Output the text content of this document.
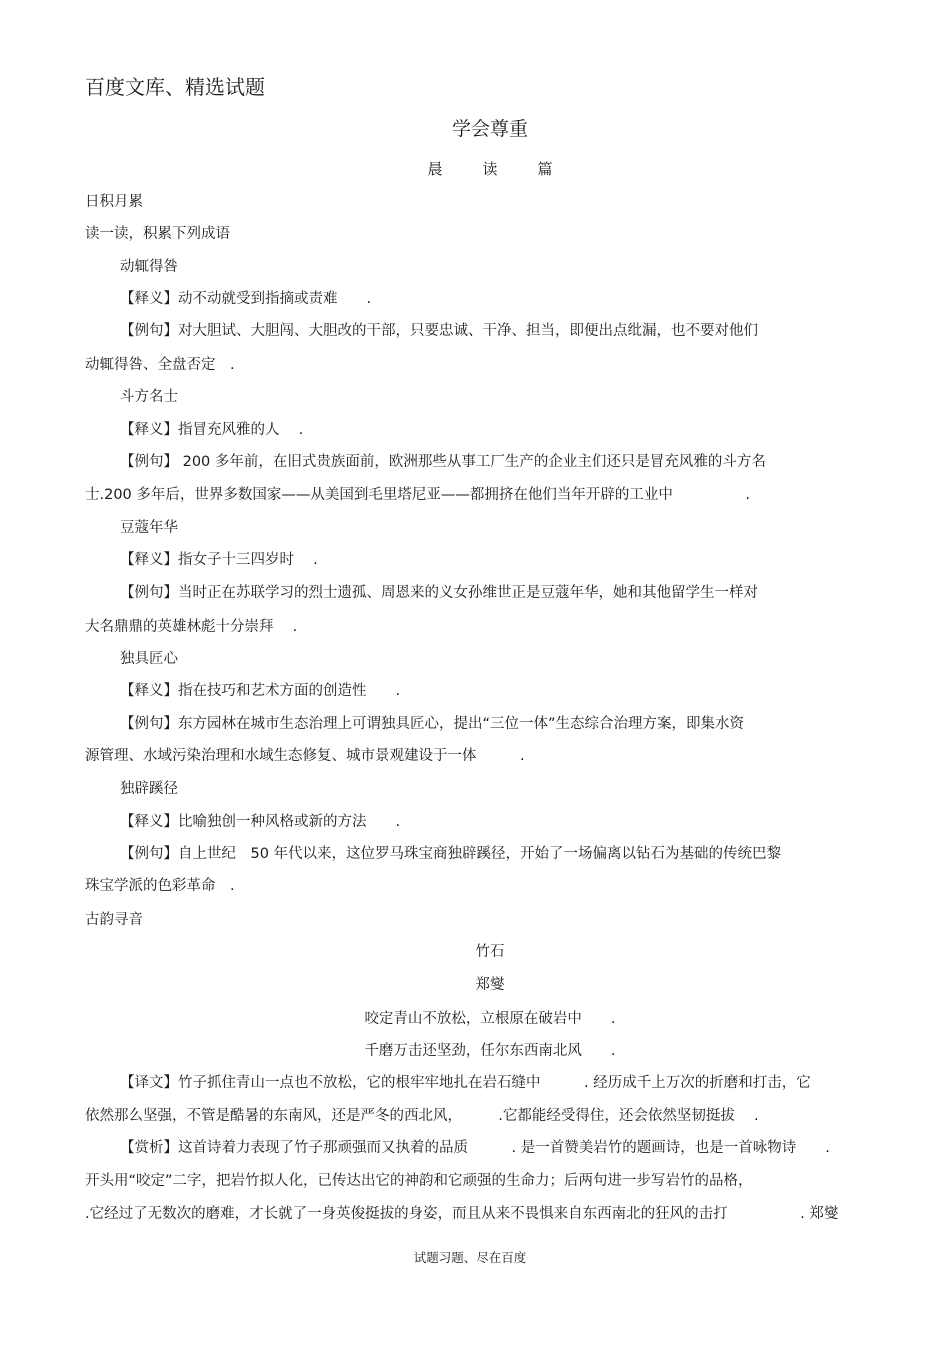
百度文库、精选试题
学会尊重
晨读篇
日积月累
读一读，积累下列成语
动辄得咎
【释义】动不动就受到指摘或责难　　.
【例句】对大胆试、大胆闯、大胆改的干部，只要忠诚、干净、担当，即便出点纰漏，也不要对他们
动辄得咎、全盘否定　.
斗方名士
【释义】指冒充风雅的人　 .
【例句】 200 多年前，在旧式贵族面前，欧洲那些从事工厂生产的企业主们还只是冒充风雅的斗方名
士.200 多年后，世界多数国家——从美国到毛里塔尼亚——都拥挤在他们当年开辟的工业中　　　　　.
豆蔻年华
【释义】指女子十三四岁时　 .
【例句】当时正在苏联学习的烈士遗孤、周恩来的义女孙维世正是豆蔻年华，她和其他留学生一样对
大名鼎鼎的英雄林彪十分崇拜　 .
独具匠心
【释义】指在技巧和艺术方面的创造性　　.
【例句】东方园林在城市生态治理上可谓独具匠心，提出“三位一体”生态综合治理方案，即集水资
源管理、水域污染治理和水域生态修复、城市景观建设于一体　　　.
独辟蹊径
【释义】比喻独创一种风格或新的方法　　.
【例句】自上世纪　50 年代以来，这位罗马珠宝商独辟蹊径，开始了一场偏离以钻石为基础的传统巴黎
珠宝学派的色彩革命　.
古韵寻音
竹石
郑燮
咬定青山不放松，立根原在破岩中　　.
千磨万击还坚劲，任尔东西南北风　　.
【译文】竹子抓住青山一点也不放松，它的根牢牢地扎在岩石缝中　　　. 经历成千上万次的折磨和打击，它
依然那么坚强，不管是酷暑的东南风，还是严冬的西北风，　　　.它都能经受得住，还会依然坚韧挺拔　 .
【赏析】这首诗着力表现了竹子那顽强而又执着的品质　　　. 是一首赞美岩竹的题画诗，也是一首咏物诗　　.
开头用“咬定”二字，把岩竹拟人化，已传达出它的神韵和它顽强的生命力；后两句进一步写岩竹的品格，
.它经过了无数次的磨难，才长就了一身英俊挺拔的身姿，而且从来不畏惧来自东西南北的狂风的击打　　　　　. 郑燮
试题习题、尽在百度
